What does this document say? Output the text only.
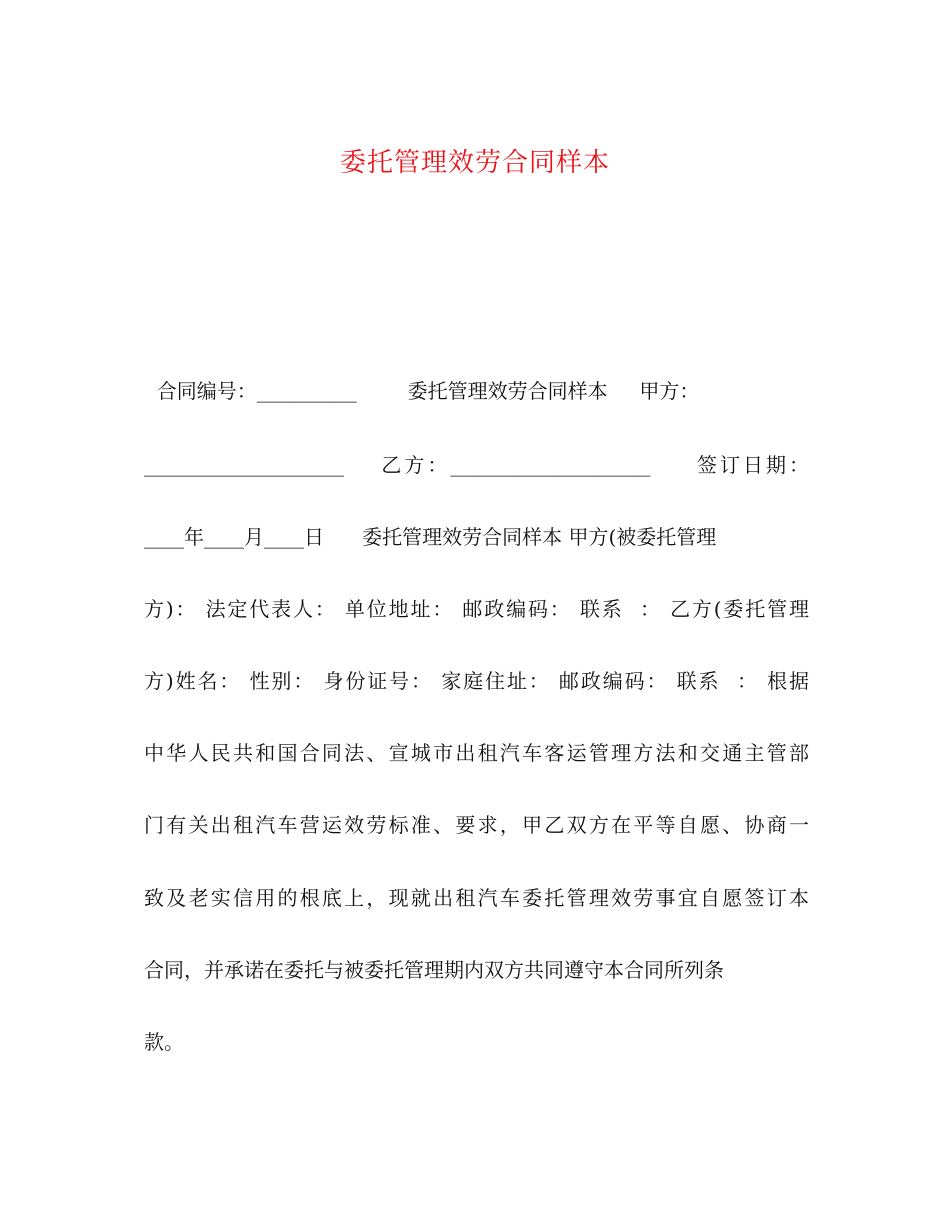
委托管理效劳合同样本
合同编号：__________        委托管理效劳合同样本     甲方：
____________________    乙方：____________________     签订日期：
____年____月____日      委托管理效劳合同样本 甲方(被委托管理
方)： 法定代表人： 单位地址： 邮政编码： 联系  ： 乙方(委托管理
方)姓名： 性别： 身份证号： 家庭住址： 邮政编码： 联系  ： 根据
中华人民共和国合同法、宣城市出租汽车客运管理方法和交通主管部
门有关出租汽车营运效劳标准、要求，甲乙双方在平等自愿、协商一
致及老实信用的根底上，现就出租汽车委托管理效劳事宜自愿签订本
合同，并承诺在委托与被委托管理期内双方共同遵守本合同所列条
款。
